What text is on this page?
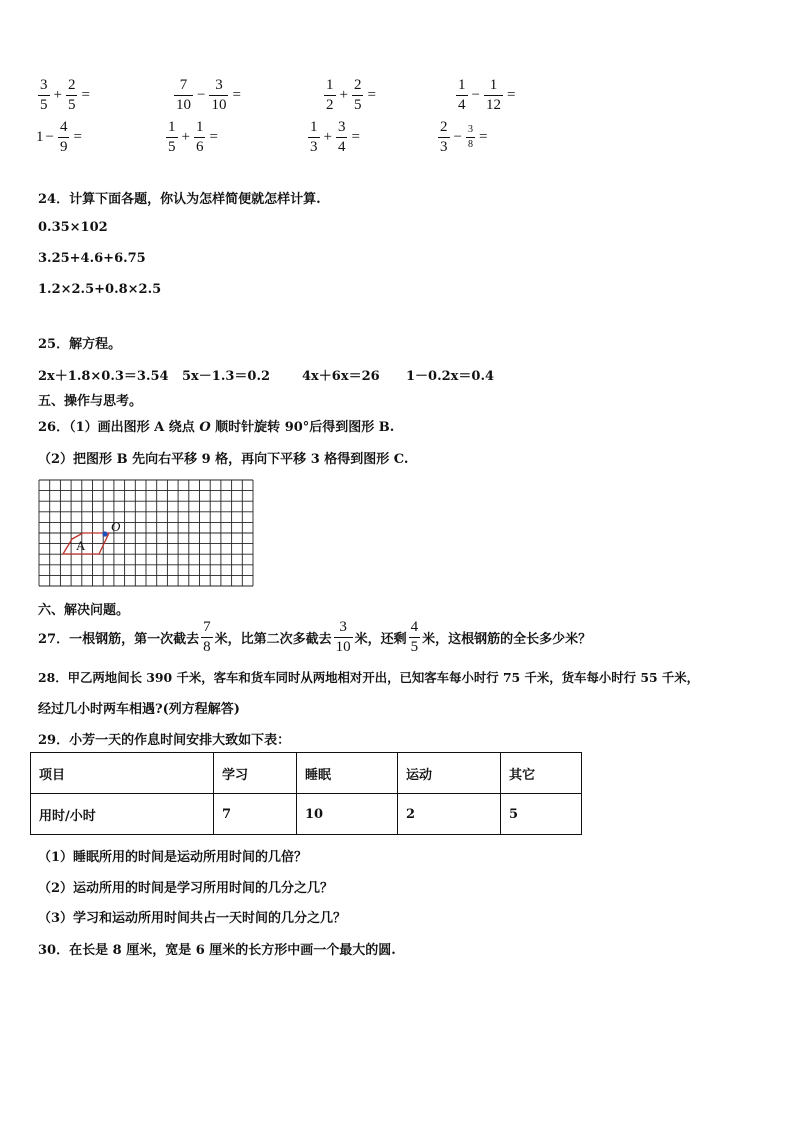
$\frac{3}{5} + \frac{2}{5}$ =	$\frac{7}{10} - \frac{3}{10}$ =	$\frac{1}{2} + \frac{2}{5}$ =	$\frac{1}{4} - \frac{1}{12}$ =
$1 - \frac{4}{9}$ =	$\frac{1}{5} + \frac{1}{6}$ =	$\frac{1}{3} + \frac{3}{4}$ =	$\frac{2}{3} - \frac{3}{8}$ =
24．计算下面各题，你认为怎样简便就怎样计算.
0.35×102
3.25+4.6+6.75
1.2×2.5+0.8×2.5
25．解方程。
2x＋1.8×0.3＝3.54 5x－1.3＝0.2 4x＋6x＝26 1－0.2x＝0.4
五、操作与思考。
26．（1）画出图形 A 绕点 O 顺时针旋转 90°后得到图形 B.
（2）把图形 B 先向右平移 9 格，再向下平移 3 格得到图形 C.
A
O
六、解决问题。
27．一根钢筋，第一次截去 $\frac{7}{8}$ 米，比第二次多截去 $\frac{3}{10}$ 米，还剩 $\frac{4}{5}$ 米，这根钢筋的全长多少米？
28．甲乙两地间长 390 千米，客车和货车同时从两地相对开出，已知客车每小时行 75 千米，货车每小时行 55 千米，
经过几小时两车相遇?(列方程解答)
29．小芳一天的作息时间安排大致如下表：
项目	学习	睡眠	运动	其它
用时/小时	7	10	2	5
（1）睡眠所用的时间是运动所用时间的几倍？
（2）运动所用的时间是学习所用时间的几分之几？
（3）学习和运动所用时间共占一天时间的几分之几？
30．在长是 8 厘米，宽是 6 厘米的长方形中画一个最大的圆.
